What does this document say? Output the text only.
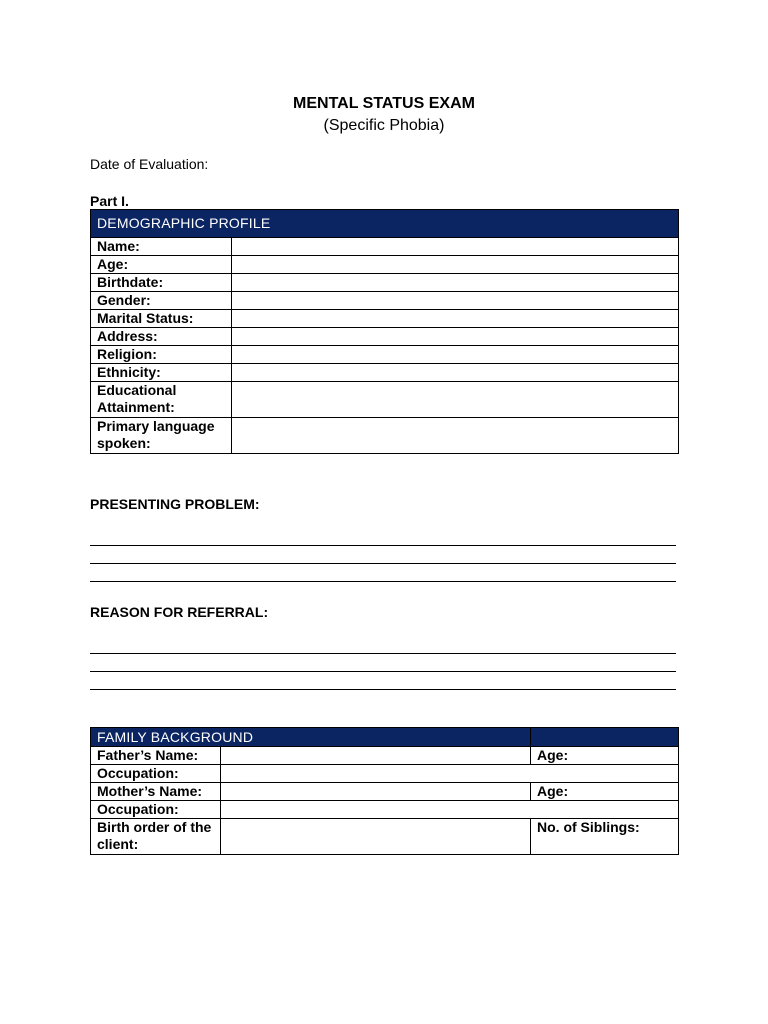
MENTAL STATUS EXAM
(Specific Phobia)
Date of Evaluation:
Part I.
DEMOGRAPHIC PROFILE	
Name:	
Age:	
Birthdate:	
Gender:	
Marital Status:	
Address:	
Religion:	
Ethnicity:	
Educational Attainment:	
Primary language spoken:	
PRESENTING PROBLEM:
REASON FOR REFERRAL:
FAMILY BACKGROUND		
Father’s Name:		Age:
Occupation:		
Mother’s Name:		Age:
Occupation:		
Birth order of the client:		No. of Siblings:
